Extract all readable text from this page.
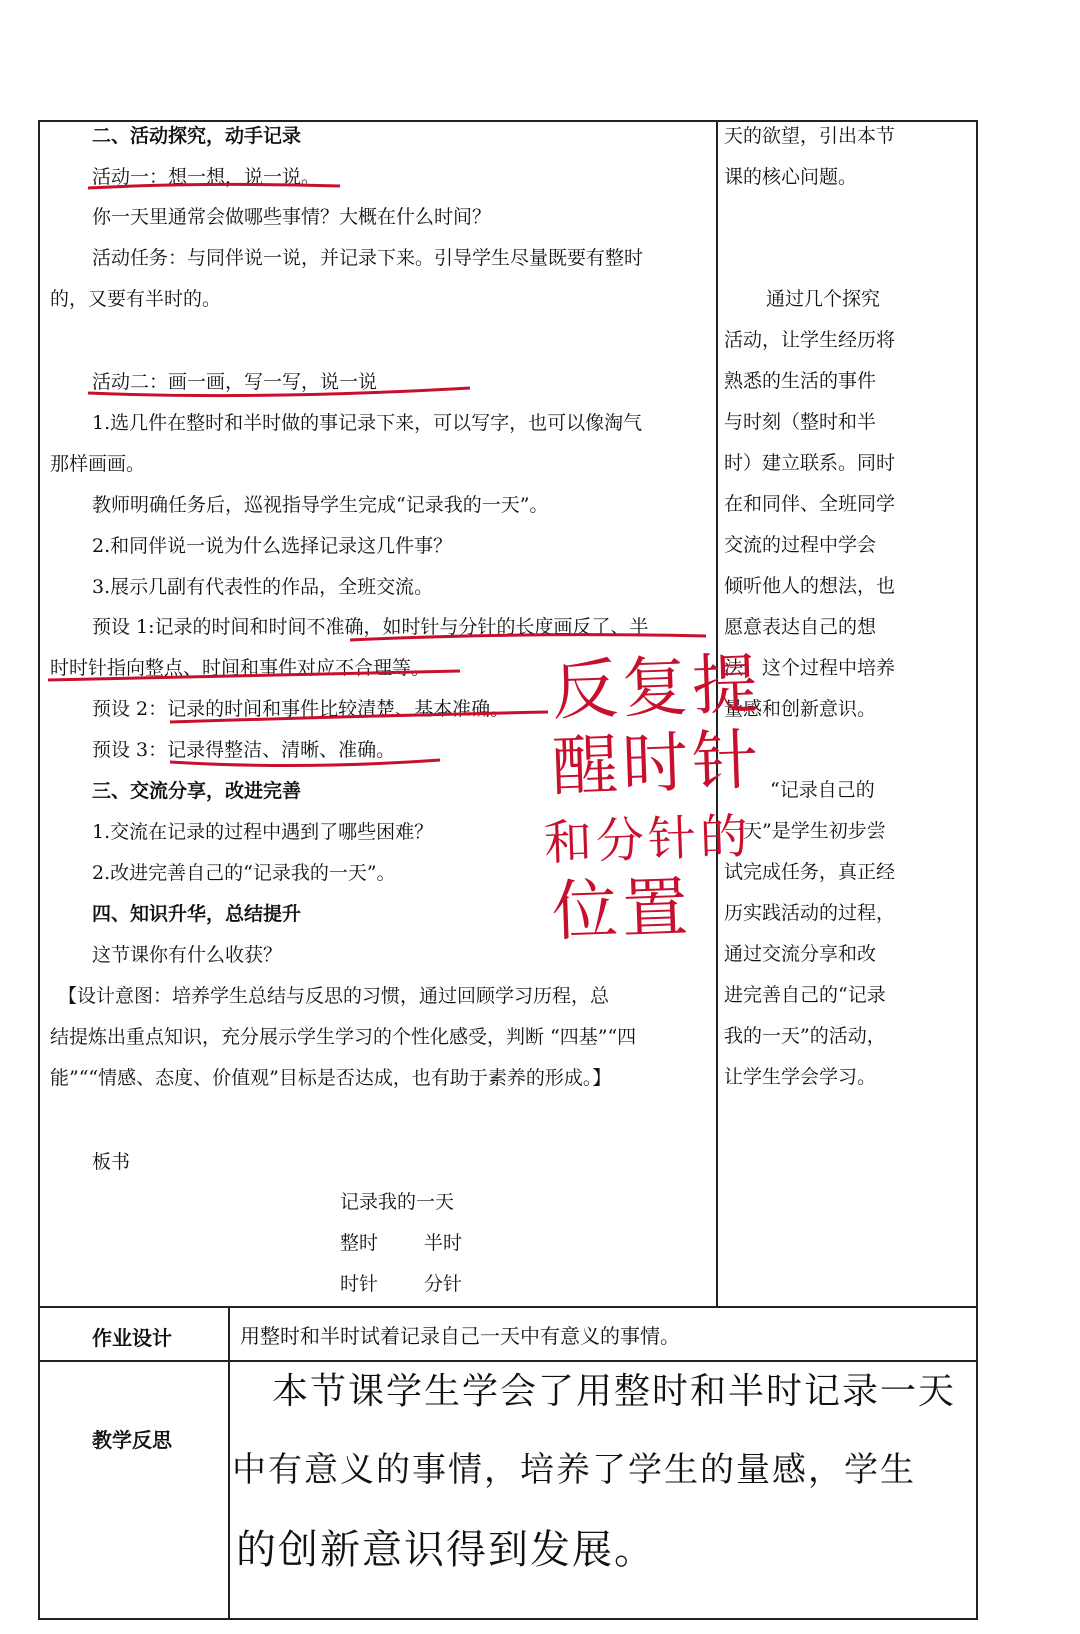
二、活动探究，动手记录
活动一：想一想，说一说。
你一天里通常会做哪些事情？大概在什么时间？
活动任务：与同伴说一说，并记录下来。引导学生尽量既要有整时
的，又要有半时的。
活动二：画一画，写一写，说一说
1.选几件在整时和半时做的事记录下来，可以写字，也可以像淘气
那样画画。
教师明确任务后，巡视指导学生完成“记录我的一天”。
2.和同伴说一说为什么选择记录这几件事？
3.展示几副有代表性的作品，全班交流。
预设 1:记录的时间和时间不准确，如时针与分针的长度画反了、半
时时针指向整点、时间和事件对应不合理等。
预设 2：记录的时间和事件比较清楚、基本准确。
预设 3：记录得整洁、清晰、准确。
三、交流分享，改进完善
1.交流在记录的过程中遇到了哪些困难？
2.改进完善自己的“记录我的一天”。
四、知识升华，总结提升
这节课你有什么收获？
【设计意图：培养学生总结与反思的习惯，通过回顾学习历程，总
结提炼出重点知识，充分展示学生学习的个性化感受，判断 “四基”“四
能”““情感、态度、价值观”目标是否达成，也有助于素养的形成。】
板书
记录我的一天
整时 半时
时针 分针
天的欲望，引出本节
课的核心问题。
通过几个探究
活动，让学生经历将
熟悉的生活的事件
与时刻（整时和半
时）建立联系。同时
在和同伴、全班同学
交流的过程中学会
倾听他人的想法，也
愿意表达自己的想
法，这个过程中培养
量感和创新意识。
“记录自己的
一天”是学生初步尝
试完成任务，真正经
历实践活动的过程，
通过交流分享和改
进完善自己的“记录
我的一天”的活动，
让学生学会学习。
反复提
醒时针
和分针的
位置
作业设计	用整时和半时试着记录自己一天中有意义的事情。
教学反思
本节课学生学会了用整时和半时记录一天
中有意义的事情，培养了学生的量感，学生
的创新意识得到发展。
